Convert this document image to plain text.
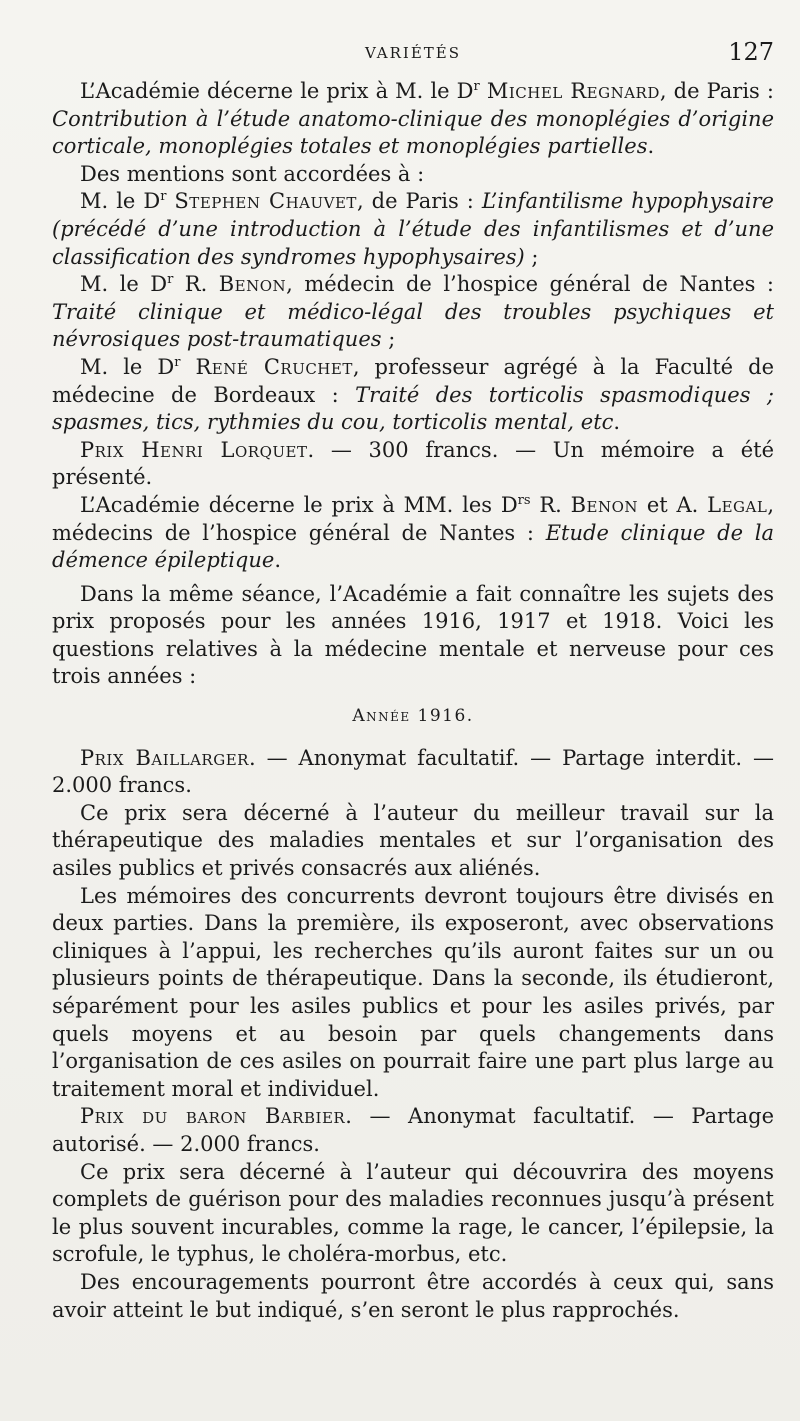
VARIÉTÉS	127

L’Académie décerne le prix à M. le $D^r$ Michel Regnard, de Paris : Contribution à l’étude anatomo-clinique des monoplégies d’origine corticale, monoplégies totales et monoplégies partielles.

Des mentions sont accordées à :

M. le $D^r$ Stephen Chauvet, de Paris : L’infantilisme hypophysaire (précédé d’une introduction à l’étude des infantilismes et d’une classification des syndromes hypophysaires) ;

M. le $D^r$ R. Benon, médecin de l’hospice général de Nantes : Traité clinique et médico-légal des troubles psychiques et névrosiques post-traumatiques ;

M. le $D^r$ René Cruchet, professeur agrégé à la Faculté de médecine de Bordeaux : Traité des torticolis spasmodiques ; spasmes, tics, rythmies du cou, torticolis mental, etc.

Prix Henri Lorquet. — 300 francs. — Un mémoire a été présenté.

L’Académie décerne le prix à MM. les $D^{rs}$ R. Benon et A. Legal, médecins de l’hospice général de Nantes : Etude clinique de la démence épileptique.

Dans la même séance, l’Académie a fait connaître les sujets des prix proposés pour les années 1916, 1917 et 1918. Voici les questions relatives à la médecine mentale et nerveuse pour ces trois années :

Année 1916.

Prix Baillarger. — Anonymat facultatif. — Partage interdit. — 2.000 francs.

Ce prix sera décerné à l’auteur du meilleur travail sur la thérapeutique des maladies mentales et sur l’organisation des asiles publics et privés consacrés aux aliénés.

Les mémoires des concurrents devront toujours être divisés en deux parties. Dans la première, ils exposeront, avec observations cliniques à l’appui, les recherches qu’ils auront faites sur un ou plusieurs points de thérapeutique. Dans la seconde, ils étudieront, séparément pour les asiles publics et pour les asiles privés, par quels moyens et au besoin par quels changements dans l’organisation de ces asiles on pourrait faire une part plus large au traitement moral et individuel.

Prix du baron Barbier. — Anonymat facultatif. — Partage autorisé. — 2.000 francs.

Ce prix sera décerné à l’auteur qui découvrira des moyens complets de guérison pour des maladies reconnues jusqu’à présent le plus souvent incurables, comme la rage, le cancer, l’épilepsie, la scrofule, le typhus, le choléra-morbus, etc.

Des encouragements pourront être accordés à ceux qui, sans avoir atteint le but indiqué, s’en seront le plus rapprochés.
